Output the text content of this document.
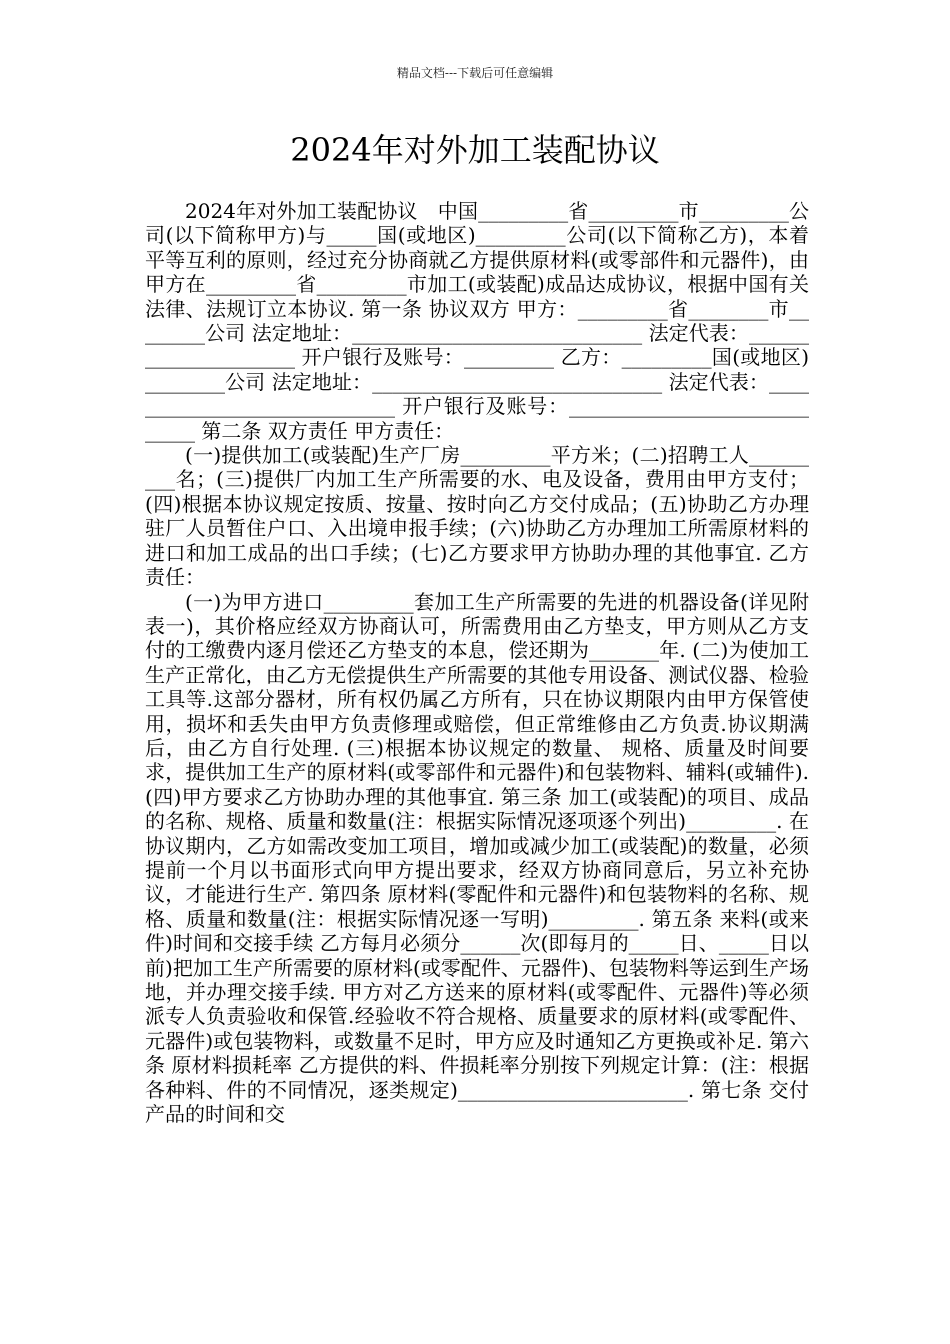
精品文档---下载后可任意编辑
2024年对外加工装配协议

2024年对外加工装配协议　中国_________省_________市_________公司(以下简称甲方)与_____国(或地区)_________公司(以下简称乙方)，本着平等互利的原则，经过充分协商就乙方提供原材料(或零部件和元器件)，由甲方在_________省_________市加工(或装配)成品达成协议，根据中国有关法律、法规订立本协议. 第一条 协议双方 甲方：_________省________市________公司 法定地址：_____________________________ 法定代表：_____________________ 开户银行及账号：_________ 乙方：_________国(或地区)________公司 法定地址：_____________________________ 法定代表：_____________________________ 开户银行及账号：_____________________________ 第二条 双方责任 甲方责任：

(一)提供加工(或装配)生产厂房_________平方米；(二)招聘工人_________名；(三)提供厂内加工生产所需要的水、电及设备，费用由甲方支付；(四)根据本协议规定按质、按量、按时向乙方交付成品；(五)协助乙方办理驻厂人员暂住户口、入出境申报手续；(六)协助乙方办理加工所需原材料的进口和加工成品的出口手续；(七)乙方要求甲方协助办理的其他事宜. 乙方责任：

(一)为甲方进口_________套加工生产所需要的先进的机器设备(详见附表一)，其价格应经双方协商认可，所需费用由乙方垫支，甲方则从乙方支付的工缴费内逐月偿还乙方垫支的本息，偿还期为_______年. (二)为使加工生产正常化，由乙方无偿提供生产所需要的其他专用设备、测试仪器、检验工具等.这部分器材，所有权仍属乙方所有，只在协议期限内由甲方保管使用，损坏和丢失由甲方负责修理或赔偿，但正常维修由乙方负责.协议期满后，由乙方自行处理. (三)根据本协议规定的数量、 规格、质量及时间要求，提供加工生产的原材料(或零部件和元器件)和包装物料、辅料(或辅件). (四)甲方要求乙方协助办理的其他事宜. 第三条 加工(或装配)的项目、成品的名称、规格、质量和数量(注：根据实际情况逐项逐个列出)_________. 在协议期内，乙方如需改变加工项目，增加或减少加工(或装配)的数量，必须提前一个月以书面形式向甲方提出要求，经双方协商同意后，另立补充协议，才能进行生产. 第四条 原材料(零配件和元器件)和包装物料的名称、规格、质量和数量(注：根据实际情况逐一写明)_________. 第五条 来料(或来件)时间和交接手续 乙方每月必须分______次(即每月的_____日、_____日以前)把加工生产所需要的原材料(或零配件、元器件)、包装物料等运到生产场地，并办理交接手续. 甲方对乙方送来的原材料(或零配件、元器件)等必须派专人负责验收和保管.经验收不符合规格、质量要求的原材料(或零配件、元器件)或包装物料，或数量不足时，甲方应及时通知乙方更换或补足. 第六条 原材料损耗率 乙方提供的料、件损耗率分别按下列规定计算：(注：根据各种料、件的不同情况，逐类规定)_______________________. 第七条 交付产品的时间和交
